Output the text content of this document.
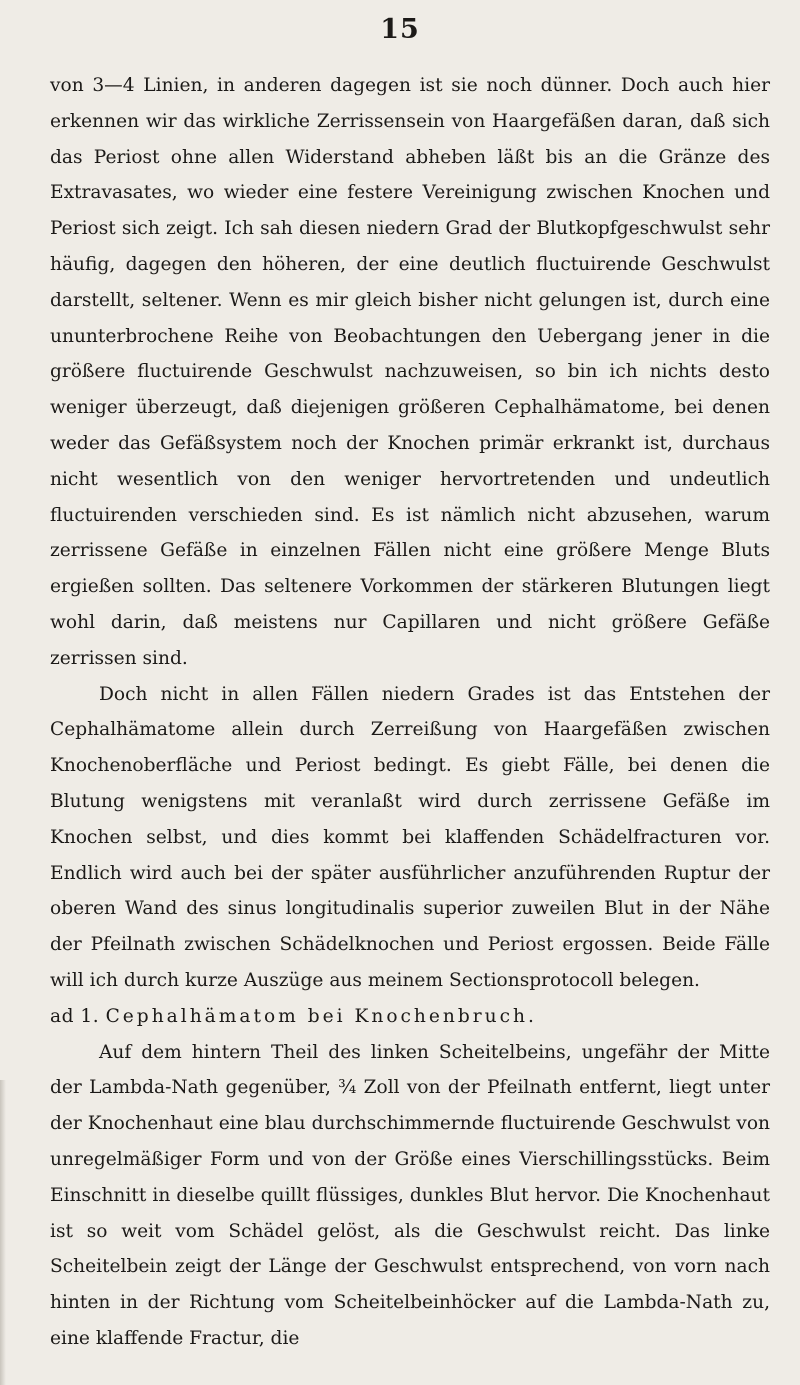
15

von 3—4 Linien, in anderen dagegen ist sie noch dünner. Doch auch hier erkennen wir das wirkliche Zerrissensein von Haargefäßen daran, daß sich das Periost ohne allen Widerstand abheben läßt bis an die Gränze des Extravasates, wo wieder eine festere Vereinigung zwischen Knochen und Periost sich zeigt. Ich sah diesen niedern Grad der Blutkopfgeschwulst sehr häufig, dagegen den höheren, der eine deutlich fluctuirende Geschwulst darstellt, seltener. Wenn es mir gleich bisher nicht gelungen ist, durch eine ununterbrochene Reihe von Beobachtungen den Uebergang jener in die größere fluctuirende Geschwulst nachzuweisen, so bin ich nichts desto weniger überzeugt, daß diejenigen größeren Cephalhämatome, bei denen weder das Gefäßsystem noch der Knochen primär erkrankt ist, durchaus nicht wesentlich von den weniger hervortretenden und undeutlich fluctuirenden verschieden sind. Es ist nämlich nicht abzusehen, warum zerrissene Gefäße in einzelnen Fällen nicht eine größere Menge Bluts ergießen sollten. Das seltenere Vorkommen der stärkeren Blutungen liegt wohl darin, daß meistens nur Capillaren und nicht größere Gefäße zerrissen sind.

Doch nicht in allen Fällen niedern Grades ist das Entstehen der Cephalhämatome allein durch Zerreißung von Haargefäßen zwischen Knochenoberfläche und Periost bedingt. Es giebt Fälle, bei denen die Blutung wenigstens mit veranlaßt wird durch zerrissene Gefäße im Knochen selbst, und dies kommt bei klaffenden Schädelfracturen vor. Endlich wird auch bei der später ausführlicher anzuführenden Ruptur der oberen Wand des sinus longitudinalis superior zuweilen Blut in der Nähe der Pfeilnath zwischen Schädelknochen und Periost ergossen. Beide Fälle will ich durch kurze Auszüge aus meinem Sectionsprotocoll belegen.

ad 1. Cephalhämatom bei Knochenbruch.

Auf dem hintern Theil des linken Scheitelbeins, ungefähr der Mitte der Lambda-Nath gegenüber, ¾ Zoll von der Pfeilnath entfernt, liegt unter der Knochenhaut eine blau durchschimmernde fluctuirende Geschwulst von unregelmäßiger Form und von der Größe eines Vierschillingsstücks. Beim Einschnitt in dieselbe quillt flüssiges, dunkles Blut hervor. Die Knochenhaut ist so weit vom Schädel gelöst, als die Geschwulst reicht. Das linke Scheitelbein zeigt der Länge der Geschwulst entsprechend, von vorn nach hinten in der Richtung vom Scheitelbeinhöcker auf die Lambda-Nath zu, eine klaffende Fractur, die
